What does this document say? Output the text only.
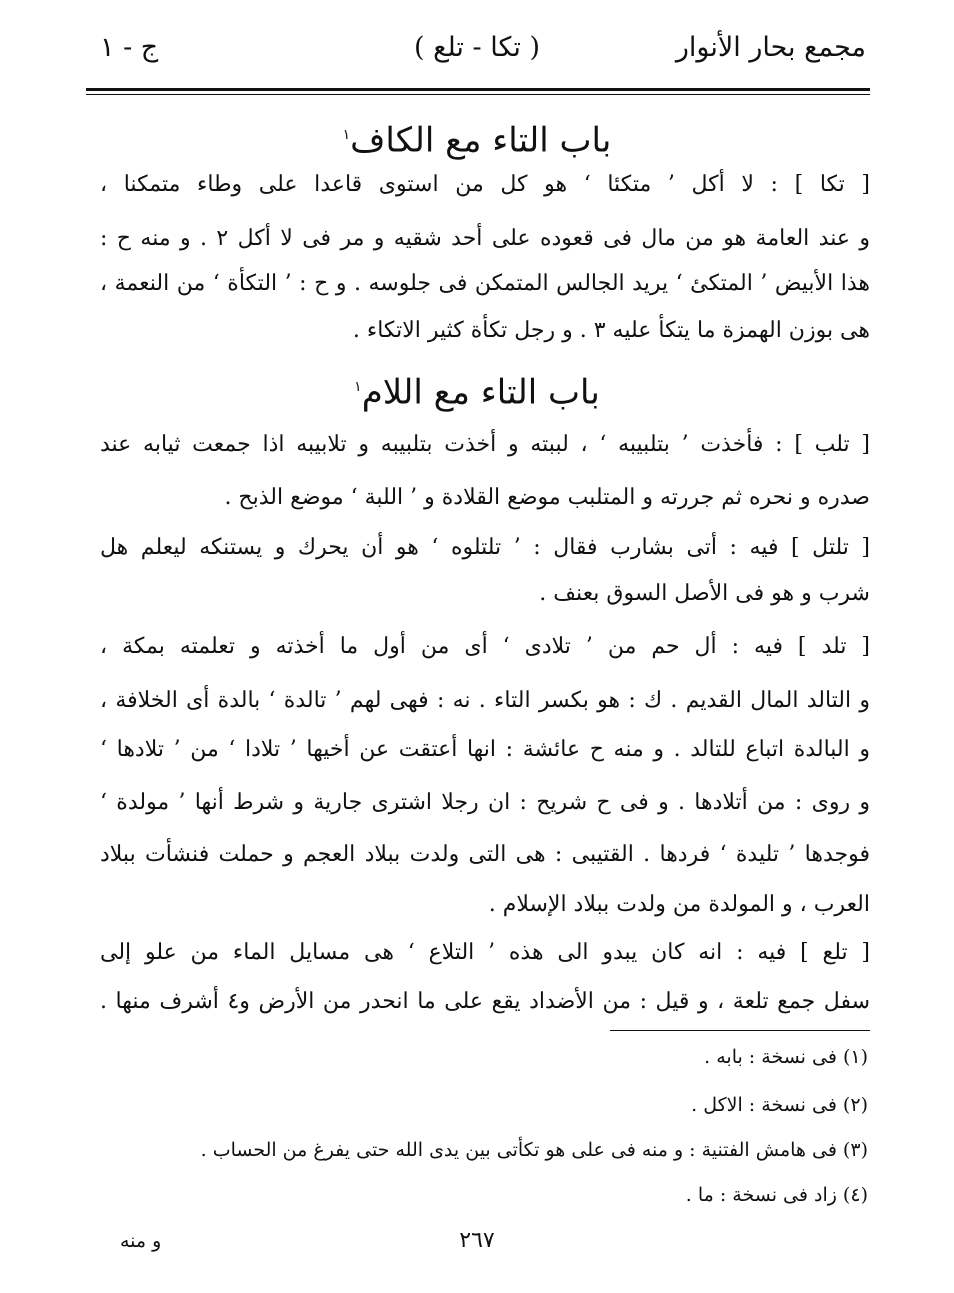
مجمع بحار الأنوار
( تكا - تلع )
ج - ١
باب التاء مع الكاف$^١$
[ تكا ] : لا أكل ’ متكئا ‘ هو كل من استوى قاعدا على وطاء متمكنا ،
و عند العامة هو من مال فى قعوده على أحد شقيه و مر فى لا أكل ٢ . و منه ح :
هذا الأبيض ’ المتكئ ‘ يريد الجالس المتمكن فى جلوسه . و ح : ’ التكأة ‘ من النعمة ،
هى بوزن الهمزة ما يتكأ عليه ٣ . و رجل تكأة كثير الاتكاء .
باب التاء مع اللام$^١$
[ تلب ] : فأخذت ’ بتلبيبه ‘ ، لببته و أخذت بتلبيبه و تلابيبه اذا جمعت ثيابه عند
صدره و نحره ثم جررته و المتلبب موضع القلادة و ’ اللبة ‘ موضع الذبح .
[ تلتل ] فيه : أتى بشارب فقال : ’ تلتلوه ‘ هو أن يحرك و يستنكه ليعلم هل
شرب و هو فى الأصل السوق بعنف .
[ تلد ] فيه : أل حم من ’ تلادى ‘ أى من أول ما أخذته و تعلمته بمكة ،
و التالد المال القديم . ك : هو بكسر التاء . نه : فهى لهم ’ تالدة ‘ بالدة أى الخلافة ،
و البالدة اتباع للتالد . و منه ح عائشة : انها أعتقت عن أخيها ’ تلادا ‘ من ’ تلادها ‘
و روى : من أتلادها . و فى ح شريح : ان رجلا اشترى جارية و شرط أنها ’ مولدة ‘
فوجدها ’ تليدة ‘ فردها . القتيبى : هى التى ولدت ببلاد العجم و حملت فنشأت ببلاد
العرب ، و المولدة من ولدت ببلاد الإسلام .
[ تلع ] فيه : انه كان يبدو الى هذه ’ التلاع ‘ هى مسايل الماء من علو إلى
سفل جمع تلعة ، و قيل : من الأضداد يقع على ما انحدر من الأرض و٤ أشرف منها .
(١) فى نسخة : بابه .
(٢) فى نسخة : الاكل .
(٣) فى هامش الفتنية : و منه فى على هو تكأتى بين يدى الله حتى يفرغ من الحساب .
(٤) زاد فى نسخة : ما .
و منه	٢٦٧
